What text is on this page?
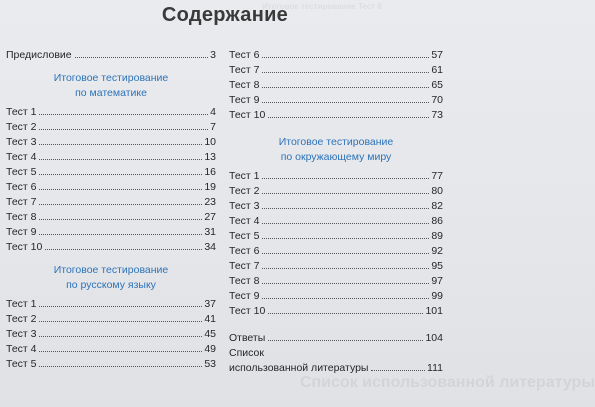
Итоговое тестирование Тест 6
Список использованной литературы
Содержание
Предисловие	3
Итоговое тестирование
по математике
Тест 1	4
Тест 2	7
Тест 3	10
Тест 4	13
Тест 5	16
Тест 6	19
Тест 7	23
Тест 8	27
Тест 9	31
Тест 10	34
Итоговое тестирование
по русскому языку
Тест 1	37
Тест 2	41
Тест 3	45
Тест 4	49
Тест 5	53
Тест 6	57
Тест 7	61
Тест 8	65
Тест 9	70
Тест 10	73
Итоговое тестирование
по окружающему миру
Тест 1	77
Тест 2	80
Тест 3	82
Тест 4	86
Тест 5	89
Тест 6	92
Тест 7	95
Тест 8	97
Тест 9	99
Тест 10	101
Ответы	104
Список
использованной литературы	111
